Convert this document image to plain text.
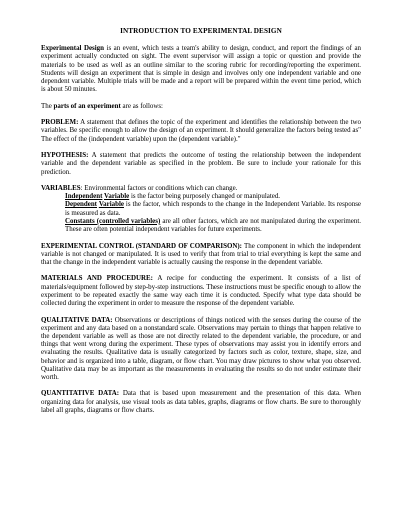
INTRODUCTION TO EXPERIMENTAL DESIGN

Experimental Design is an event, which tests a team's ability to design, conduct, and report the findings of an experiment actually conducted on sight. The event supervisor will assign a topic or question and provide the materials to be used as well as an outline similar to the scoring rubric for recording/reporting the experiment. Students will design an experiment that is simple in design and involves only one independent variable and one dependent variable. Multiple trials will be made and a report will be prepared within the event time period, which is about 50 minutes.

The parts of an experiment are as follows:

PROBLEM: A statement that defines the topic of the experiment and identifies the relationship between the two variables. Be specific enough to allow the design of an experiment. It should generalize the factors being tested as" The effect of the (independent variable) upon the (dependent variable)."

HYPOTHESIS: A statement that predicts the outcome of testing the relationship between the independent variable and the dependent variable as specified in the problem. Be sure to include your rationale for this prediction.

VARIABLES: Environmental factors or conditions which can change.
Independent Variable is the factor being purposely changed or manipulated.
Dependent Variable is the factor, which responds to the change in the Independent Variable. Its response is measured as data.
Constants (controlled variables) are all other factors, which are not manipulated during the experiment. These are often potential independent variables for future experiments.

EXPERIMENTAL CONTROL (STANDARD OF COMPARISON): The component in which the independent variable is not changed or manipulated. It is used to verify that from trial to trial everything is kept the same and that the change in the independent variable is actually causing the response in the dependent variable.

MATERIALS AND PROCEDURE: A recipe for conducting the experiment. It consists of a list of materials/equipment followed by step-by-step instructions. These instructions must be specific enough to allow the experiment to be repeated exactly the same way each time it is conducted. Specify what type data should be collected during the experiment in order to measure the response of the dependent variable.

QUALITATIVE DATA: Observations or descriptions of things noticed with the senses during the course of the experiment and any data based on a nonstandard scale. Observations may pertain to things that happen relative to the dependent variable as well as those are not directly related to the dependent variable, the procedure, or and things that went wrong during the experiment. These types of observations may assist you in identify errors and evaluating the results. Qualitative data is usually categorized by factors such as color, texture, shape, size, and behavior and is organized into a table, diagram, or flow chart. You may draw pictures to show what you observed. Qualitative data may be as important as the measurements in evaluating the results so do not under estimate their worth.

QUANTITATIVE DATA: Data that is based upon measurement and the presentation of this data. When organizing data for analysis, use visual tools as data tables, graphs, diagrams or flow charts. Be sure to thoroughly label all graphs, diagrams or flow charts.
